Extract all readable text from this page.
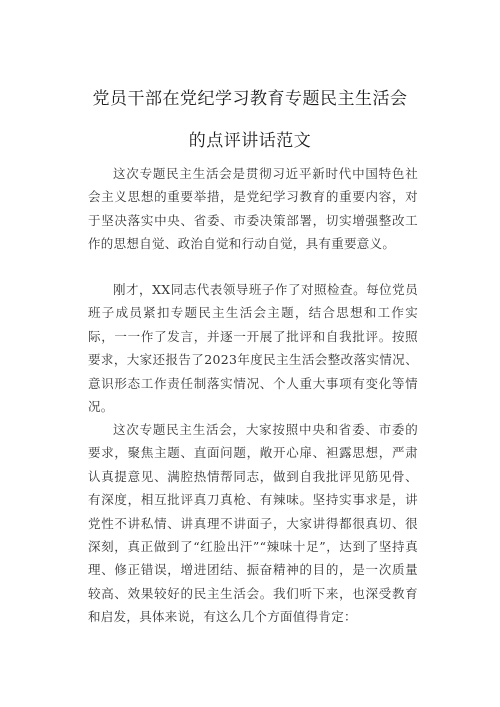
党员干部在党纪学习教育专题民主生活会
的点评讲话范文

这次专题民主生活会是贯彻习近平新时代中国特色社会主义思想的重要举措，是党纪学习教育的重要内容，对于坚决落实中央、省委、市委决策部署，切实增强整改工作的思想自觉、政治自觉和行动自觉，具有重要意义。

刚才，XX同志代表领导班子作了对照检查。每位党员班子成员紧扣专题民主生活会主题，结合思想和工作实际，一一作了发言，并逐一开展了批评和自我批评。按照要求，大家还报告了2023年度民主生活会整改落实情况、意识形态工作责任制落实情况、个人重大事项有变化等情况。

这次专题民主生活会，大家按照中央和省委、市委的要求，聚焦主题、直面问题，敞开心扉、袒露思想，严肃认真提意见、满腔热情帮同志，做到自我批评见筋见骨、有深度，相互批评真刀真枪、有辣味。坚持实事求是，讲党性不讲私情、讲真理不讲面子，大家讲得都很真切、很深刻，真正做到了“红脸出汗”“辣味十足”，达到了坚持真理、修正错误，增进团结、振奋精神的目的，是一次质量较高、效果较好的民主生活会。我们听下来，也深受教育和启发，具体来说，有这么几个方面值得肯定：
